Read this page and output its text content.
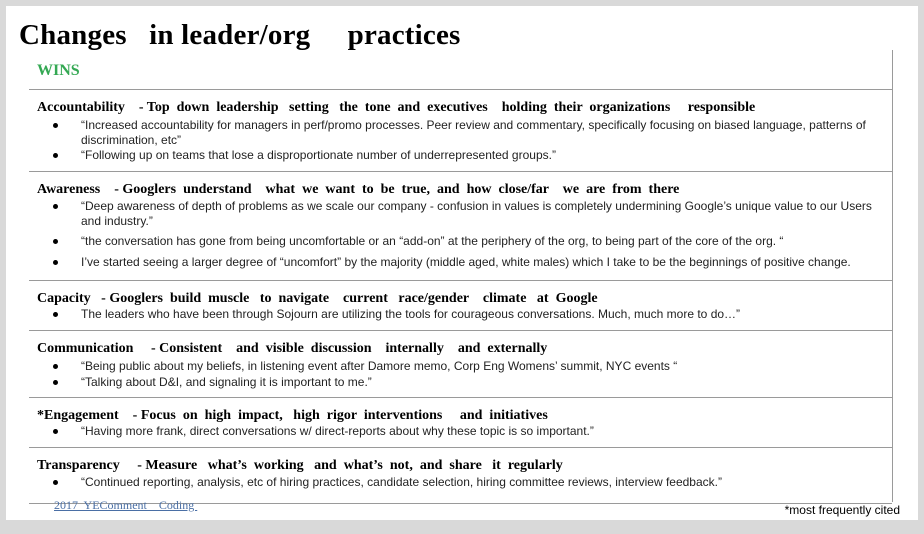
Changes   in leader/org     practices
WINS
Accountability    - Top  down  leadership   setting   the  tone  and  executives    holding  their  organizations     responsible
“Increased accountability for managers in perf/promo processes. Peer review and commentary, specifically focusing on biased language, patterns of discrimination, etc”
“Following up on teams that lose a disproportionate number of underrepresented groups.”
Awareness    - Googlers  understand    what  we  want  to  be  true,  and  how  close/far    we  are  from  there
“Deep awareness of depth of problems as we scale our company - confusion in values is completely undermining Google’s unique value to our Users and industry.”
“the conversation has gone from being uncomfortable or an “add-on” at the periphery of the org, to being part of the core of the org. “
I’ve started seeing a larger degree of “uncomfort” by the majority (middle aged, white males) which I take to be the beginnings of positive change.
Capacity   - Googlers  build  muscle   to  navigate    current   race/gender    climate   at  Google
The leaders who have been through Sojourn are utilizing the tools for courageous conversations. Much, much more to do…”
Communication     - Consistent    and  visible  discussion    internally    and  externally
“Being public about my beliefs, in listening event after Damore memo, Corp Eng Womens’ summit, NYC events “
“Talking about D&I, and signaling it is important to me.”
*Engagement    - Focus  on  high  impact,   high  rigor  interventions     and  initiatives
“Having more frank, direct conversations w/ direct-reports about why these topic is so important.”
Transparency     - Measure   what’s  working   and  what’s  not,  and  share   it  regularly
“Continued reporting, analysis, etc of hiring practices, candidate selection, hiring committee reviews, interview feedback.”
2017  YEComment    Coding	*most frequently cited
